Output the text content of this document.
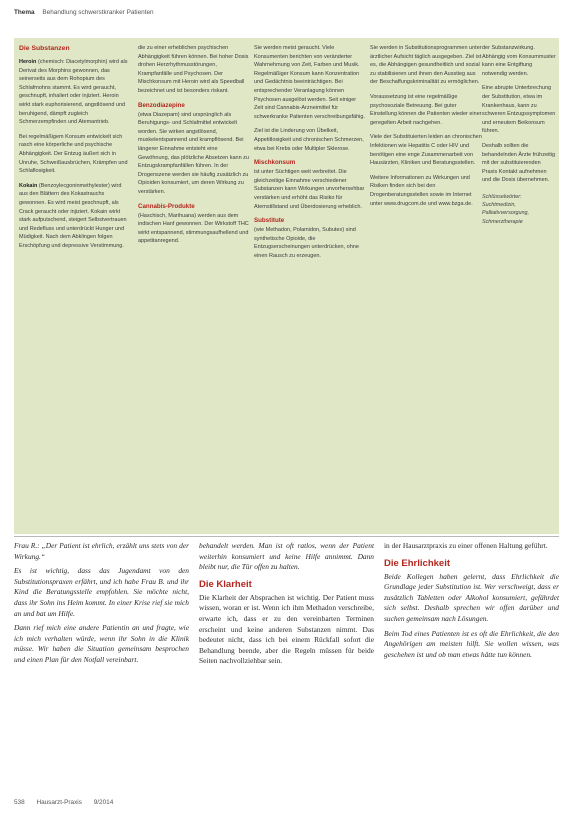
Thema Behandlung schwerstkranker Patienten
Die Substanzen

Heroin (chemisch: Diacetylmorphin) wird als Derivat des Morphins gewonnen, das seinerseits aus dem Rohopium des Schlafmohns stammt. Es wird geraucht, geschnupft, inhaliert oder injiziert. Heroin wirkt stark euphorisierend, angstlösend und beruhigend, dämpft zugleich Schmerzempfinden und Atemantrieb.

Bei regelmäßigem Konsum entwickelt sich rasch eine körperliche und psychische Abhängigkeit. Der Entzug äußert sich in Unruhe, Schweißausbrüchen, Krämpfen und Schlaflosigkeit.

Kokain (Benzoylecgoninmethylester) wird aus den Blättern des Kokastrauchs gewonnen. Es wird meist geschnupft, als Crack geraucht oder injiziert. Kokain wirkt stark aufputschend, steigert Selbstvertrauen und Redefluss und unterdrückt Hunger und Müdigkeit. Nach dem Abklingen folgen Erschöpfung und depressive Verstimmung.

die zu einer erheblichen psychischen Abhängigkeit führen können. Bei hoher Dosis drohen Herzrhythmusstörungen, Krampfanfälle und Psychosen. Der Mischkonsum mit Heroin wird als Speedball bezeichnet und ist besonders riskant.

Benzodiazepine

(etwa Diazepam) sind ursprünglich als Beruhigungs- und Schlafmittel entwickelt worden. Sie wirken angstlösend, muskelentspannend und krampflösend. Bei längerer Einnahme entsteht eine Gewöhnung, das plötzliche Absetzen kann zu Entzugskrampfanfällen führen. In der Drogenszene werden sie häufig zusätzlich zu Opioiden konsumiert, um deren Wirkung zu verstärken.

Cannabis-Produkte

(Haschisch, Marihuana) werden aus dem indischen Hanf gewonnen. Der Wirkstoff THC wirkt entspannend, stimmungsaufhellend und appetitanregend.

Sie werden meist geraucht. Viele Konsumenten berichten von veränderter Wahrnehmung von Zeit, Farben und Musik. Regelmäßiger Konsum kann Konzentration und Gedächtnis beeinträchtigen. Bei entsprechender Veranlagung können Psychosen ausgelöst werden. Seit einiger Zeit sind Cannabis-Arzneimittel für schwerkranke Patienten verschreibungsfähig.

Ziel ist die Linderung von Übelkeit, Appetitlosigkeit und chronischen Schmerzen, etwa bei Krebs oder Multipler Sklerose.

Mischkonsum

ist unter Süchtigen weit verbreitet. Die gleichzeitige Einnahme verschiedener Substanzen kann Wirkungen unvorhersehbar verstärken und erhöht das Risiko für Atemstillstand und Überdosierung erheblich.

Substitute

(wie Methadon, Polamidon, Subutex) sind synthetische Opioide, die Entzugserscheinungen unterdrücken, ohne einen Rausch zu erzeugen.

Sie werden in Substitutionsprogrammen unter ärztlicher Aufsicht täglich ausgegeben. Ziel ist es, die Abhängigen gesundheitlich und sozial zu stabilisieren und ihnen den Ausstieg aus der Beschaffungskriminalität zu ermöglichen.

Voraussetzung ist eine regelmäßige psychosoziale Betreuung. Bei guter Einstellung können die Patienten wieder einer geregelten Arbeit nachgehen.

Viele der Substituierten leiden an chronischen Infektionen wie Hepatitis C oder HIV und benötigen eine enge Zusammenarbeit von Hausärzten, Kliniken und Beratungsstellen.

Weitere Informationen zu Wirkungen und Risiken finden sich bei den Drogenberatungsstellen sowie im Internet unter www.drugcom.de und www.bzga.de.

der Substanzwirkung. Abhängig vom Konsummuster kann eine Entgiftung notwendig werden.

Eine abrupte Unterbrechung der Substitution, etwa im Krankenhaus, kann zu schweren Entzugssymptomen und erneutem Beikonsum führen.

Deshalb sollten die behandelnden Ärzte frühzeitig mit der substituierenden Praxis Kontakt aufnehmen und die Dosis übernehmen.

Schlüsselwörter: Suchtmedizin, Palliativversorgung, Schmerztherapie

Frau R.: „Der Patient ist ehrlich, erzählt uns stets von der Wirkung.“

Es ist wichtig, dass das Jugendamt von den Substitutionspraxen erfährt, und ich habe Frau B. und ihr Kind die Beratungsstelle empfohlen. Sie möchte nicht, dass ihr Sohn ins Heim kommt. In einer Krise rief sie mich an und bat um Hilfe.

Dann rief mich eine andere Patientin an und fragte, wie ich mich verhalten würde, wenn ihr Sohn in die Klinik müsse. Wir haben die Situation gemeinsam besprochen und einen Plan für den Notfall vereinbart.

behandelt werden. Man ist oft ratlos, wenn der Patient weiterhin konsumiert und keine Hilfe annimmt. Dann bleibt nur, die Tür offen zu halten.

Die Klarheit

Die Klarheit der Absprachen ist wichtig. Der Patient muss wissen, woran er ist. Wenn ich ihm Methadon verschreibe, erwarte ich, dass er zu den vereinbarten Terminen erscheint und keine anderen Substanzen nimmt. Das bedeutet nicht, dass ich bei einem Rückfall sofort die Behandlung beende, aber die Regeln müssen für beide Seiten nachvollziehbar sein.

in der Hausarztpraxis zu einer offenen Haltung geführt.

Die Ehrlichkeit

Beide Kollegen haben gelernt, dass Ehrlichkeit die Grundlage jeder Substitution ist. Wer verschweigt, dass er zusätzlich Tabletten oder Alkohol konsumiert, gefährdet sich selbst. Deshalb sprechen wir offen darüber und suchen gemeinsam nach Lösungen.

Beim Tod eines Patienten ist es oft die Ehrlichkeit, die den Angehörigen am meisten hilft. Sie wollen wissen, was geschehen ist und ob man etwas hätte tun können.

538 Hausarzt-Praxis 9/2014
